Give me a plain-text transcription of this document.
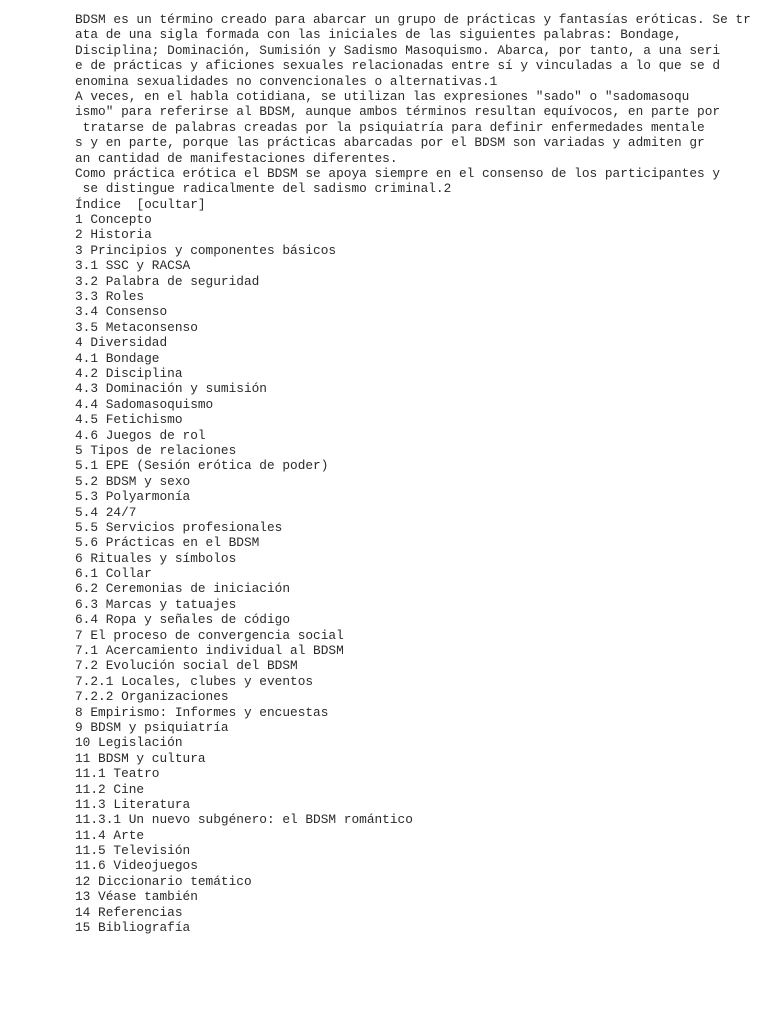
BDSM es un término creado para abarcar un grupo de prácticas y fantasías eróticas. Se tr
ata de una sigla formada con las iniciales de las siguientes palabras: Bondage,
Disciplina; Dominación, Sumisión y Sadismo Masoquismo. Abarca, por tanto, a una seri
e de prácticas y aficiones sexuales relacionadas entre sí y vinculadas a lo que se d
enomina sexualidades no convencionales o alternativas.1
A veces, en el habla cotidiana, se utilizan las expresiones "sado" o "sadomasoqu
ismo" para referirse al BDSM, aunque ambos términos resultan equívocos, en parte por
tratarse de palabras creadas por la psiquiatría para definir enfermedades mentale
s y en parte, porque las prácticas abarcadas por el BDSM son variadas y admiten gr
an cantidad de manifestaciones diferentes.
Como práctica erótica el BDSM se apoya siempre en el consenso de los participantes y
se distingue radicalmente del sadismo criminal.2
Índice [ocultar]
1 Concepto
2 Historia
3 Principios y componentes básicos
3.1 SSC y RACSA
3.2 Palabra de seguridad
3.3 Roles
3.4 Consenso
3.5 Metaconsenso
4 Diversidad
4.1 Bondage
4.2 Disciplina
4.3 Dominación y sumisión
4.4 Sadomasoquismo
4.5 Fetichismo
4.6 Juegos de rol
5 Tipos de relaciones
5.1 EPE (Sesión erótica de poder)
5.2 BDSM y sexo
5.3 Polyarmonía
5.4 24/7
5.5 Servicios profesionales
5.6 Prácticas en el BDSM
6 Rituales y símbolos
6.1 Collar
6.2 Ceremonias de iniciación
6.3 Marcas y tatuajes
6.4 Ropa y señales de código
7 El proceso de convergencia social
7.1 Acercamiento individual al BDSM
7.2 Evolución social del BDSM
7.2.1 Locales, clubes y eventos
7.2.2 Organizaciones
8 Empirismo: Informes y encuestas
9 BDSM y psiquiatría
10 Legislación
11 BDSM y cultura
11.1 Teatro
11.2 Cine
11.3 Literatura
11.3.1 Un nuevo subgénero: el BDSM romántico
11.4 Arte
11.5 Televisión
11.6 Videojuegos
12 Diccionario temático
13 Véase también
14 Referencias
15 Bibliografía
